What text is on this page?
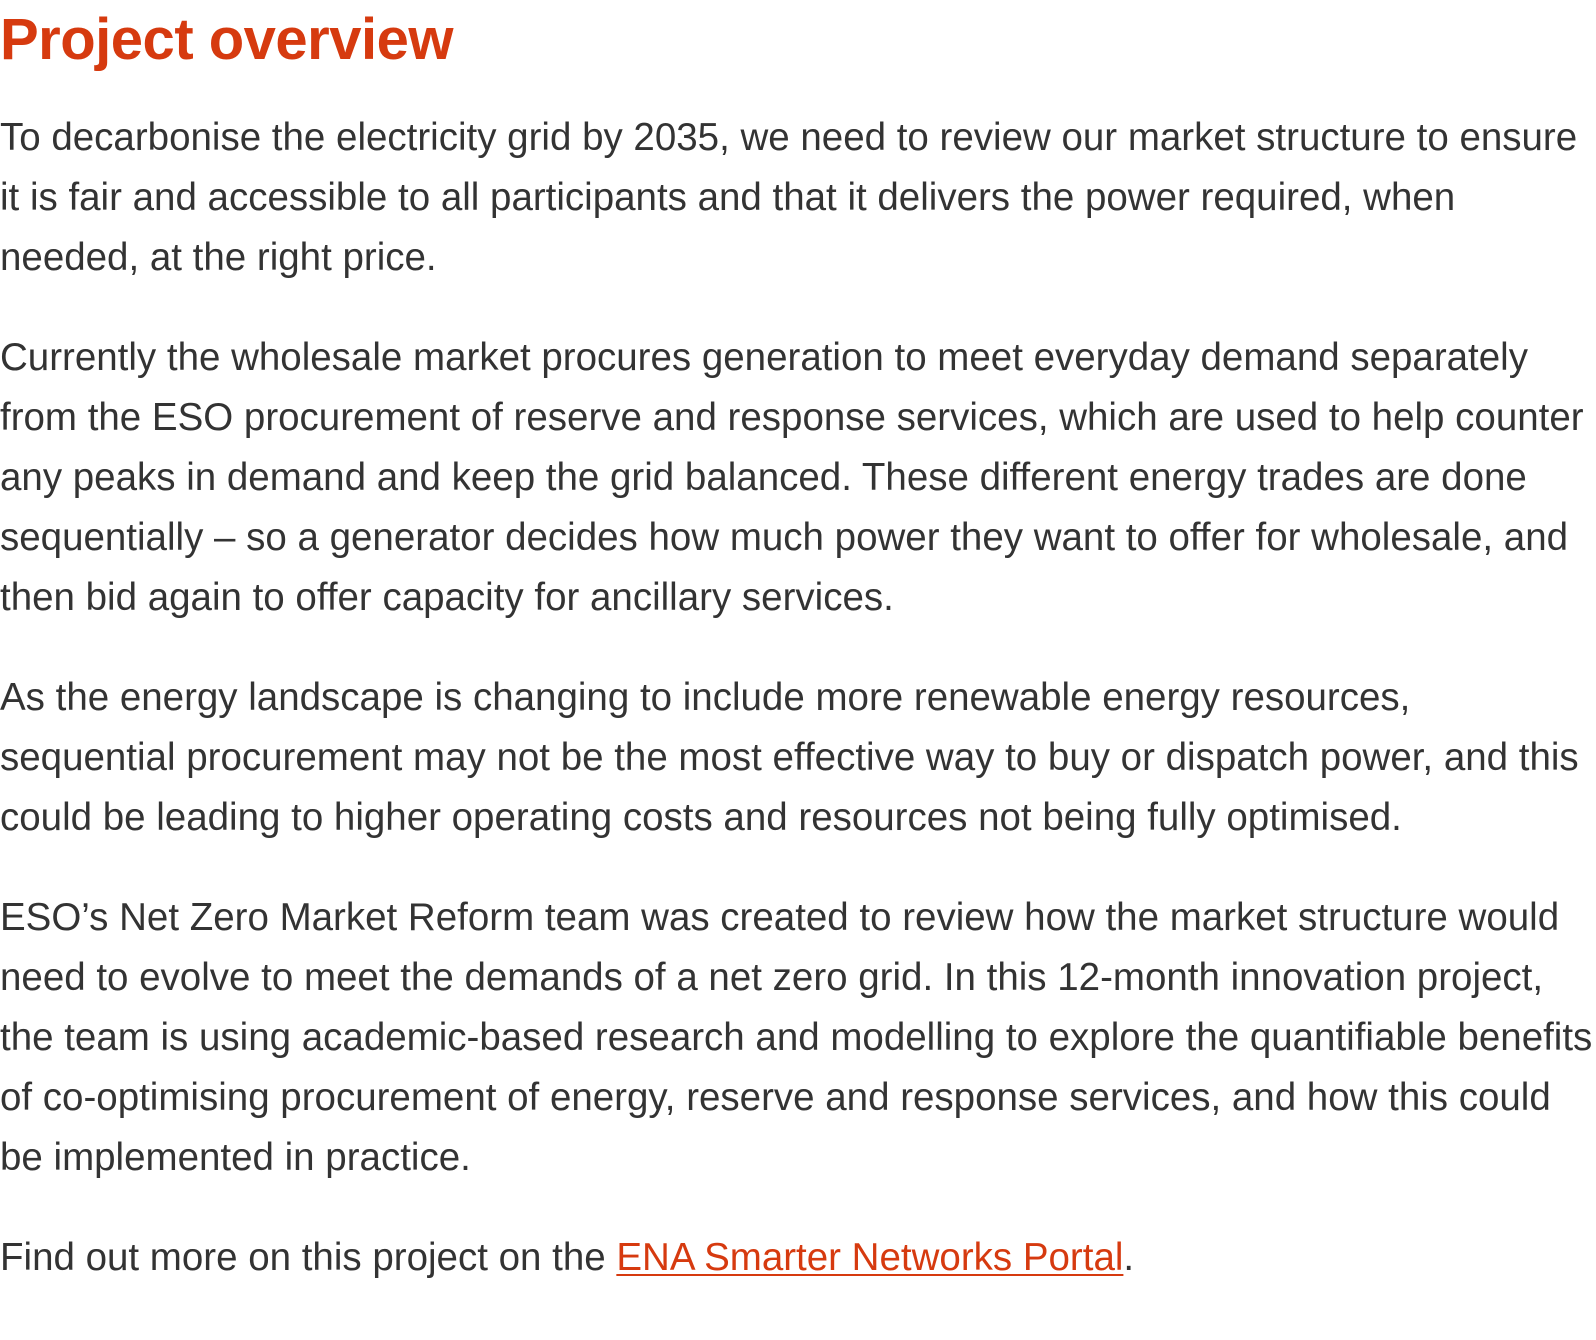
Project overview

To decarbonise the electricity grid by 2035, we need to review our market structure to ensure it is fair and accessible to all participants and that it delivers the power required, when needed, at the right price.

Currently the wholesale market procures generation to meet everyday demand separately from the ESO procurement of reserve and response services, which are used to help counter any peaks in demand and keep the grid balanced. These different energy trades are done sequentially – so a generator decides how much power they want to offer for wholesale, and then bid again to offer capacity for ancillary services.

As the energy landscape is changing to include more renewable energy resources, sequential procurement may not be the most effective way to buy or dispatch power, and this could be leading to higher operating costs and resources not being fully optimised.

ESO’s Net Zero Market Reform team was created to review how the market structure would need to evolve to meet the demands of a net zero grid. In this 12-month innovation project, the team is using academic-based research and modelling to explore the quantifiable benefits of co-optimising procurement of energy, reserve and response services, and how this could be implemented in practice.

Find out more on this project on the ENA Smarter Networks Portal.
